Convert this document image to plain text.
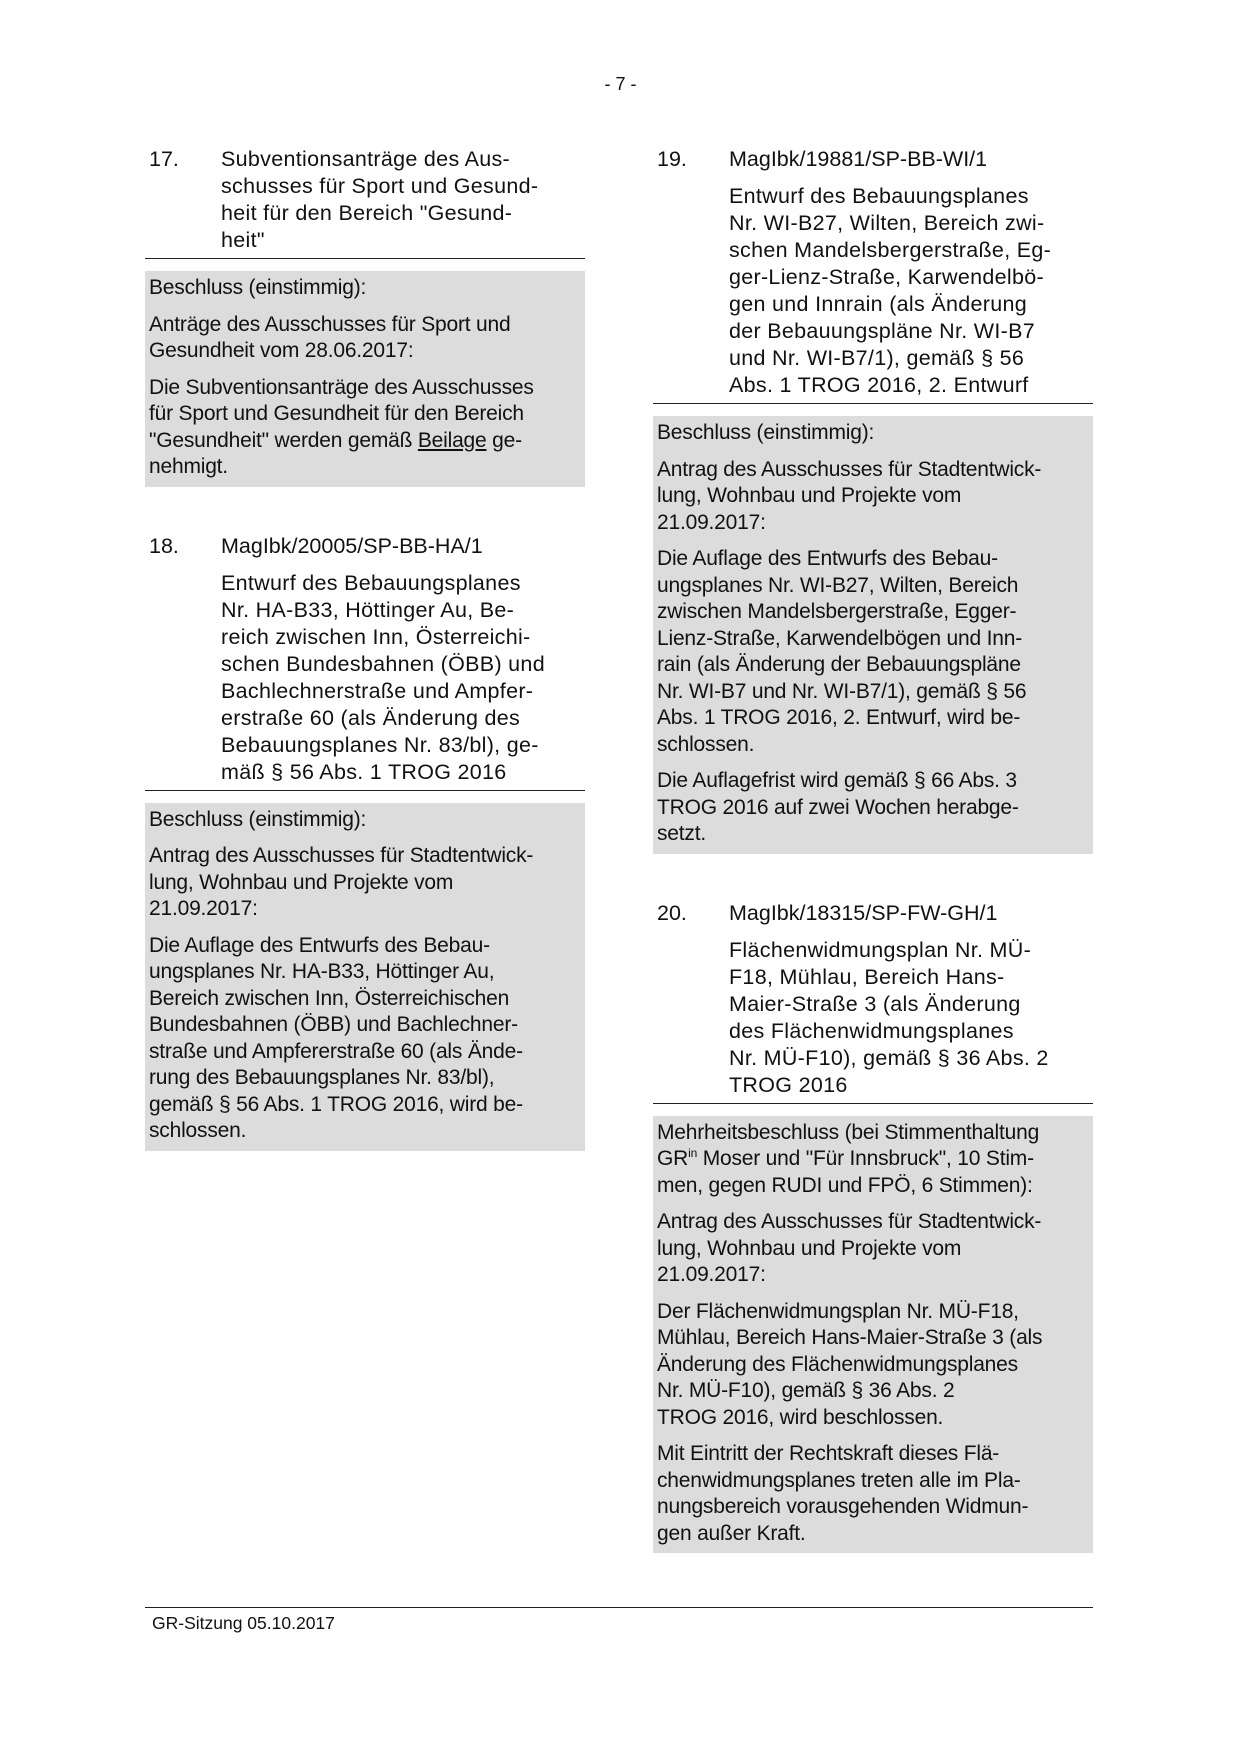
- 7 -
17. Subventionsanträge des Aus-
schusses für Sport und Gesund-
heit für den Bereich "Gesund-
heit"

Beschluss (einstimmig):

Anträge des Ausschusses für Sport und
Gesundheit vom 28.06.2017:

Die Subventionsanträge des Ausschusses
für Sport und Gesundheit für den Bereich
"Gesundheit" werden gemäß Beilage ge-
nehmigt.

18. MagIbk/20005/SP-BB-HA/1
Entwurf des Bebauungsplanes
Nr. HA-B33, Höttinger Au, Be-
reich zwischen Inn, Österreichi-
schen Bundesbahnen (ÖBB) und
Bachlechnerstraße und Ampfer-
erstraße 60 (als Änderung des
Bebauungsplanes Nr. 83/bl), ge-
mäß § 56 Abs. 1 TROG 2016

Beschluss (einstimmig):

Antrag des Ausschusses für Stadtentwick-
lung, Wohnbau und Projekte vom
21.09.2017:

Die Auflage des Entwurfs des Bebau-
ungsplanes Nr. HA-B33, Höttinger Au,
Bereich zwischen Inn, Österreichischen
Bundesbahnen (ÖBB) und Bachlechner-
straße und Ampfererstraße 60 (als Ände-
rung des Bebauungsplanes Nr. 83/bl),
gemäß § 56 Abs. 1 TROG 2016, wird be-
schlossen.

19. MagIbk/19881/SP-BB-WI/1
Entwurf des Bebauungsplanes
Nr. WI-B27, Wilten, Bereich zwi-
schen Mandelsbergerstraße, Eg-
ger-Lienz-Straße, Karwendelbö-
gen und Innrain (als Änderung
der Bebauungspläne Nr. WI-B7
und Nr. WI-B7/1), gemäß § 56
Abs. 1 TROG 2016, 2. Entwurf

Beschluss (einstimmig):

Antrag des Ausschusses für Stadtentwick-
lung, Wohnbau und Projekte vom
21.09.2017:

Die Auflage des Entwurfs des Bebau-
ungsplanes Nr. WI-B27, Wilten, Bereich
zwischen Mandelsbergerstraße, Egger-
Lienz-Straße, Karwendelbögen und Inn-
rain (als Änderung der Bebauungspläne
Nr. WI-B7 und Nr. WI-B7/1), gemäß § 56
Abs. 1 TROG 2016, 2. Entwurf, wird be-
schlossen.

Die Auflagefrist wird gemäß § 66 Abs. 3
TROG 2016 auf zwei Wochen herabge-
setzt.

20. MagIbk/18315/SP-FW-GH/1
Flächenwidmungsplan Nr. MÜ-
F18, Mühlau, Bereich Hans-
Maier-Straße 3 (als Änderung
des Flächenwidmungsplanes
Nr. MÜ-F10), gemäß § 36 Abs. 2
TROG 2016

Mehrheitsbeschluss (bei Stimmenthaltung
$GR^{in}$ Moser und "Für Innsbruck", 10 Stim-
men, gegen RUDI und FPÖ, 6 Stimmen):

Antrag des Ausschusses für Stadtentwick-
lung, Wohnbau und Projekte vom
21.09.2017:

Der Flächenwidmungsplan Nr. MÜ-F18,
Mühlau, Bereich Hans-Maier-Straße 3 (als
Änderung des Flächenwidmungsplanes
Nr. MÜ-F10), gemäß § 36 Abs. 2
TROG 2016, wird beschlossen.

Mit Eintritt der Rechtskraft dieses Flä-
chenwidmungsplanes treten alle im Pla-
nungsbereich vorausgehenden Widmun-
gen außer Kraft.

GR-Sitzung 05.10.2017
